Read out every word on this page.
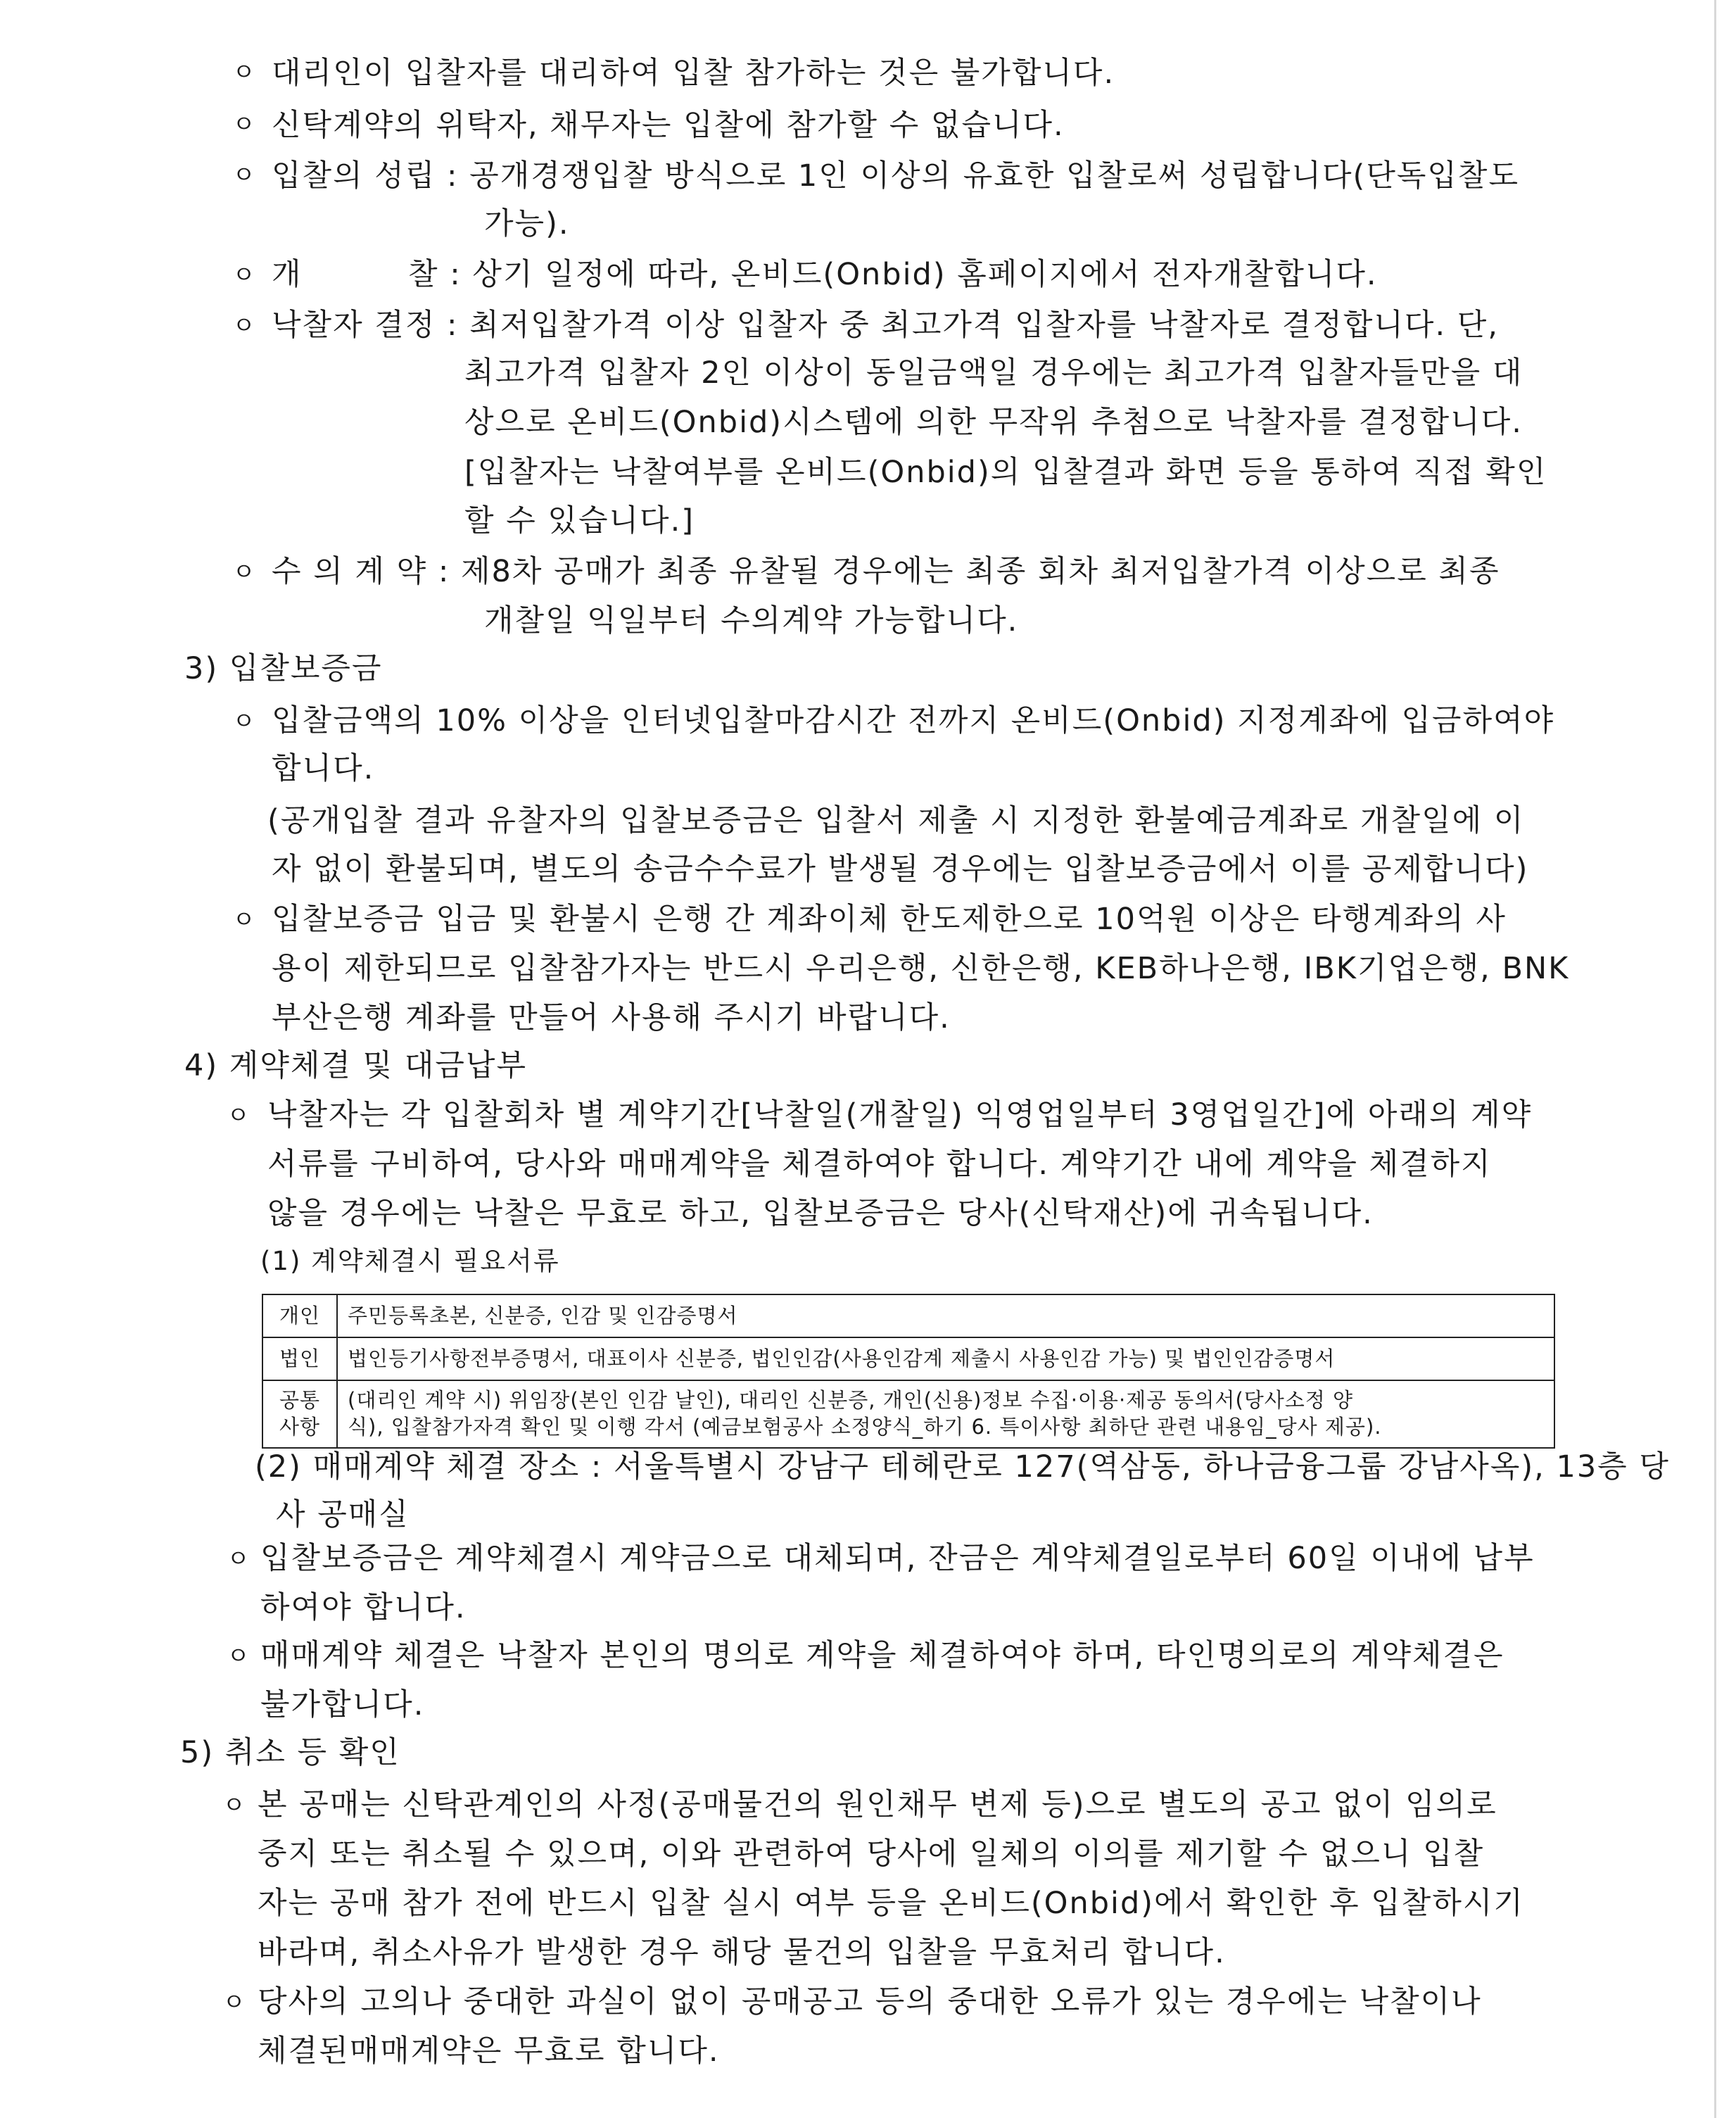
ㅇ
ㅇ
ㅇ
ㅇ
ㅇ
ㅇ
ㅇ
ㅇ
ㅇ
ㅇ
ㅇ
ㅇ
ㅇ
대리인이 입찰자를 대리하여 입찰 참가하는 것은 불가합니다.
신탁계약의 위탁자, 채무자는 입찰에 참가할 수 없습니다.
입찰의 성립 : 공개경쟁입찰 방식으로 1인 이상의 유효한 입찰로써 성립합니다(단독입찰도
가능).
개	찰 : 상기 일정에 따라, 온비드(Onbid) 홈페이지에서 전자개찰합니다.
낙찰자 결정 : 최저입찰가격 이상 입찰자 중 최고가격 입찰자를 낙찰자로 결정합니다. 단,
최고가격 입찰자 2인 이상이 동일금액일 경우에는 최고가격 입찰자들만을 대
상으로 온비드(Onbid)시스템에 의한 무작위 추첨으로 낙찰자를 결정합니다.
[입찰자는 낙찰여부를 온비드(Onbid)의 입찰결과 화면 등을 통하여 직접 확인
할 수 있습니다.]
수 의 계 약 : 제8차 공매가 최종 유찰될 경우에는 최종 회차 최저입찰가격 이상으로 최종
개찰일 익일부터 수의계약 가능합니다.
3) 입찰보증금
입찰금액의 10% 이상을 인터넷입찰마감시간 전까지 온비드(Onbid) 지정계좌에 입금하여야
합니다.
(공개입찰 결과 유찰자의 입찰보증금은 입찰서 제출 시 지정한 환불예금계좌로 개찰일에 이
자 없이 환불되며, 별도의 송금수수료가 발생될 경우에는 입찰보증금에서 이를 공제합니다)
입찰보증금 입금 및 환불시 은행 간 계좌이체 한도제한으로 10억원 이상은 타행계좌의 사
용이 제한되므로 입찰참가자는 반드시 우리은행, 신한은행, KEB하나은행, IBK기업은행, BNK
부산은행 계좌를 만들어 사용해 주시기 바랍니다.
4) 계약체결 및 대금납부
낙찰자는 각 입찰회차 별 계약기간[낙찰일(개찰일) 익영업일부터 3영업일간]에 아래의 계약
서류를 구비하여, 당사와 매매계약을 체결하여야 합니다. 계약기간 내에 계약을 체결하지
않을 경우에는 낙찰은 무효로 하고, 입찰보증금은 당사(신탁재산)에 귀속됩니다.
(1) 계약체결시 필요서류
개인	주민등록초본, 신분증, 인감 및 인감증명서
법인	법인등기사항전부증명서, 대표이사 신분증, 법인인감(사용인감계 제출시 사용인감 가능) 및 법인인감증명서
공통
사항	(대리인 계약 시) 위임장(본인 인감 날인), 대리인 신분증, 개인(신용)정보 수집·이용·제공 동의서(당사소정 양
식), 입찰참가자격 확인 및 이행 각서 (예금보험공사 소정양식_하기 6. 특이사항 최하단 관련 내용임_당사 제공).
(2) 매매계약 체결 장소 : 서울특별시 강남구 테헤란로 127(역삼동, 하나금융그룹 강남사옥), 13층 당
사 공매실
입찰보증금은 계약체결시 계약금으로 대체되며, 잔금은 계약체결일로부터 60일 이내에 납부
하여야 합니다.
매매계약 체결은 낙찰자 본인의 명의로 계약을 체결하여야 하며, 타인명의로의 계약체결은
불가합니다.
5) 취소 등 확인
본 공매는 신탁관계인의 사정(공매물건의 원인채무 변제 등)으로 별도의 공고 없이 임의로
중지 또는 취소될 수 있으며, 이와 관련하여 당사에 일체의 이의를 제기할 수 없으니 입찰
자는 공매 참가 전에 반드시 입찰 실시 여부 등을 온비드(Onbid)에서 확인한 후 입찰하시기
바라며, 취소사유가 발생한 경우 해당 물건의 입찰을 무효처리 합니다.
당사의 고의나 중대한 과실이 없이 공매공고 등의 중대한 오류가 있는 경우에는 낙찰이나
체결된매매계약은 무효로 합니다.
